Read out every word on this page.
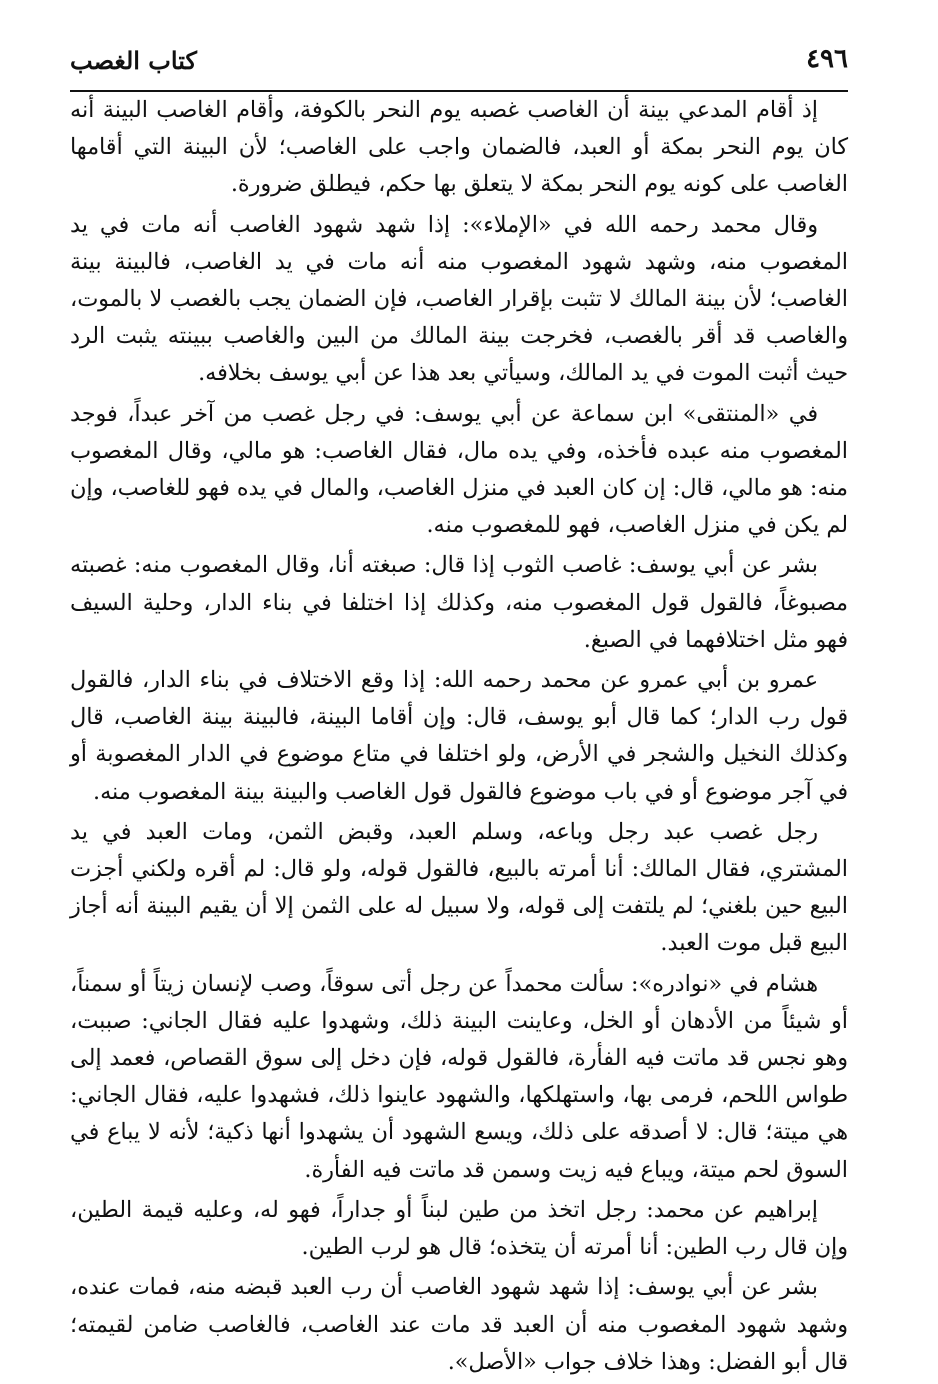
٤٩٦
كتاب الغصب

إذ أقام المدعي بينة أن الغاصب غصبه يوم النحر بالكوفة، وأقام الغاصب البينة أنه كان يوم النحر بمكة أو العبد، فالضمان واجب على الغاصب؛ لأن البينة التي أقامها الغاصب على كونه يوم النحر بمكة لا يتعلق بها حكم، فيطلق ضرورة.

وقال محمد رحمه الله في «الإملاء»: إذا شهد شهود الغاصب أنه مات في يد المغصوب منه، وشهد شهود المغصوب منه أنه مات في يد الغاصب، فالبينة بينة الغاصب؛ لأن بينة المالك لا تثبت بإقرار الغاصب، فإن الضمان يجب بالغصب لا بالموت، والغاصب قد أقر بالغصب، فخرجت بينة المالك من البين والغاصب ببينته يثبت الرد حيث أثبت الموت في يد المالك، وسيأتي بعد هذا عن أبي يوسف بخلافه.

في «المنتقى» ابن سماعة عن أبي يوسف: في رجل غصب من آخر عبداً، فوجد المغصوب منه عبده فأخذه، وفي يده مال، فقال الغاصب: هو مالي، وقال المغصوب منه: هو مالي، قال: إن كان العبد في منزل الغاصب، والمال في يده فهو للغاصب، وإن لم يكن في منزل الغاصب، فهو للمغصوب منه.

بشر عن أبي يوسف: غاصب الثوب إذا قال: صبغته أنا، وقال المغصوب منه: غصبته مصبوغاً، فالقول قول المغصوب منه، وكذلك إذا اختلفا في بناء الدار، وحلية السيف فهو مثل اختلافهما في الصبغ.

عمرو بن أبي عمرو عن محمد رحمه الله: إذا وقع الاختلاف في بناء الدار، فالقول قول رب الدار؛ كما قال أبو يوسف، قال: وإن أقاما البينة، فالبينة بينة الغاصب، قال وكذلك النخيل والشجر في الأرض، ولو اختلفا في متاع موضوع في الدار المغصوبة أو في آجر موضوع أو في باب موضوع فالقول قول الغاصب والبينة بينة المغصوب منه.

رجل غصب عبد رجل وباعه، وسلم العبد، وقبض الثمن، ومات العبد في يد المشتري، فقال المالك: أنا أمرته بالبيع، فالقول قوله، ولو قال: لم أقره ولكني أجزت البيع حين بلغني؛ لم يلتفت إلى قوله، ولا سبيل له على الثمن إلا أن يقيم البينة أنه أجاز البيع قبل موت العبد.

هشام في «نوادره»: سألت محمداً عن رجل أتى سوقاً، وصب لإنسان زيتاً أو سمناً، أو شيئاً من الأدهان أو الخل، وعاينت البينة ذلك، وشهدوا عليه فقال الجاني: صببت، وهو نجس قد ماتت فيه الفأرة، فالقول قوله، فإن دخل إلى سوق القصاص، فعمد إلى طواس اللحم، فرمى بها، واستهلكها، والشهود عاينوا ذلك، فشهدوا عليه، فقال الجاني: هي ميتة؛ قال: لا أصدقه على ذلك، ويسع الشهود أن يشهدوا أنها ذكية؛ لأنه لا يباع في السوق لحم ميتة، ويباع فيه زيت وسمن قد ماتت فيه الفأرة.

إبراهيم عن محمد: رجل اتخذ من طين لبناً أو جداراً، فهو له، وعليه قيمة الطين، وإن قال رب الطين: أنا أمرته أن يتخذه؛ قال هو لرب الطين.

بشر عن أبي يوسف: إذا شهد شهود الغاصب أن رب العبد قبضه منه، فمات عنده، وشهد شهود المغصوب منه أن العبد قد مات عند الغاصب، فالغاصب ضامن لقيمته؛ قال أبو الفضل: وهذا خلاف جواب «الأصل».
